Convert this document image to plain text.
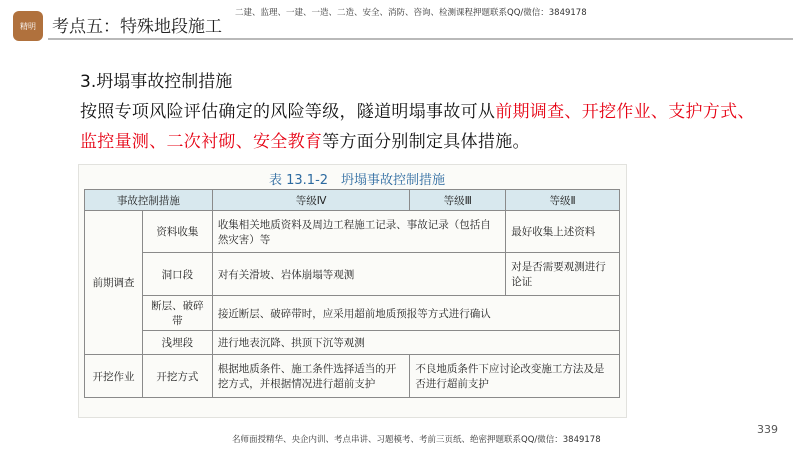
精明
二建、监理、一建、一造、二造、安全、消防、咨询、检测课程押题联系QQ/微信：3849178
考点五：特殊地段施工
3.坍塌事故控制措施
按照专项风险评估确定的风险等级，隧道明塌事故可从前期调查、开挖作业、支护方式、监控量测、二次衬砌、安全教育等方面分别制定具体措施。
表 13.1-2　坍塌事故控制措施
事故控制措施		等级Ⅳ	等级Ⅲ	等级Ⅱ
前期调查	资料收集	收集相关地质资料及周边工程施工记录、事故记录（包括自然灾害）等		最好收集上述资料
	洞口段	对有关滑坡、岩体崩塌等观测		对是否需要观测进行论证
	断层、破碎带	接近断层、破碎带时，应采用超前地质预报等方式进行确认		
	浅埋段	进行地表沉降、拱顶下沉等观测		
开挖作业	开挖方式	根据地质条件、施工条件选择适当的开挖方式，并根据情况进行超前支护	不良地质条件下应讨论改变施工方法及是否进行超前支护	
339
名师面授精华、央企内训、考点串讲、习题模考、考前三页纸、绝密押题联系QQ/微信：3849178
